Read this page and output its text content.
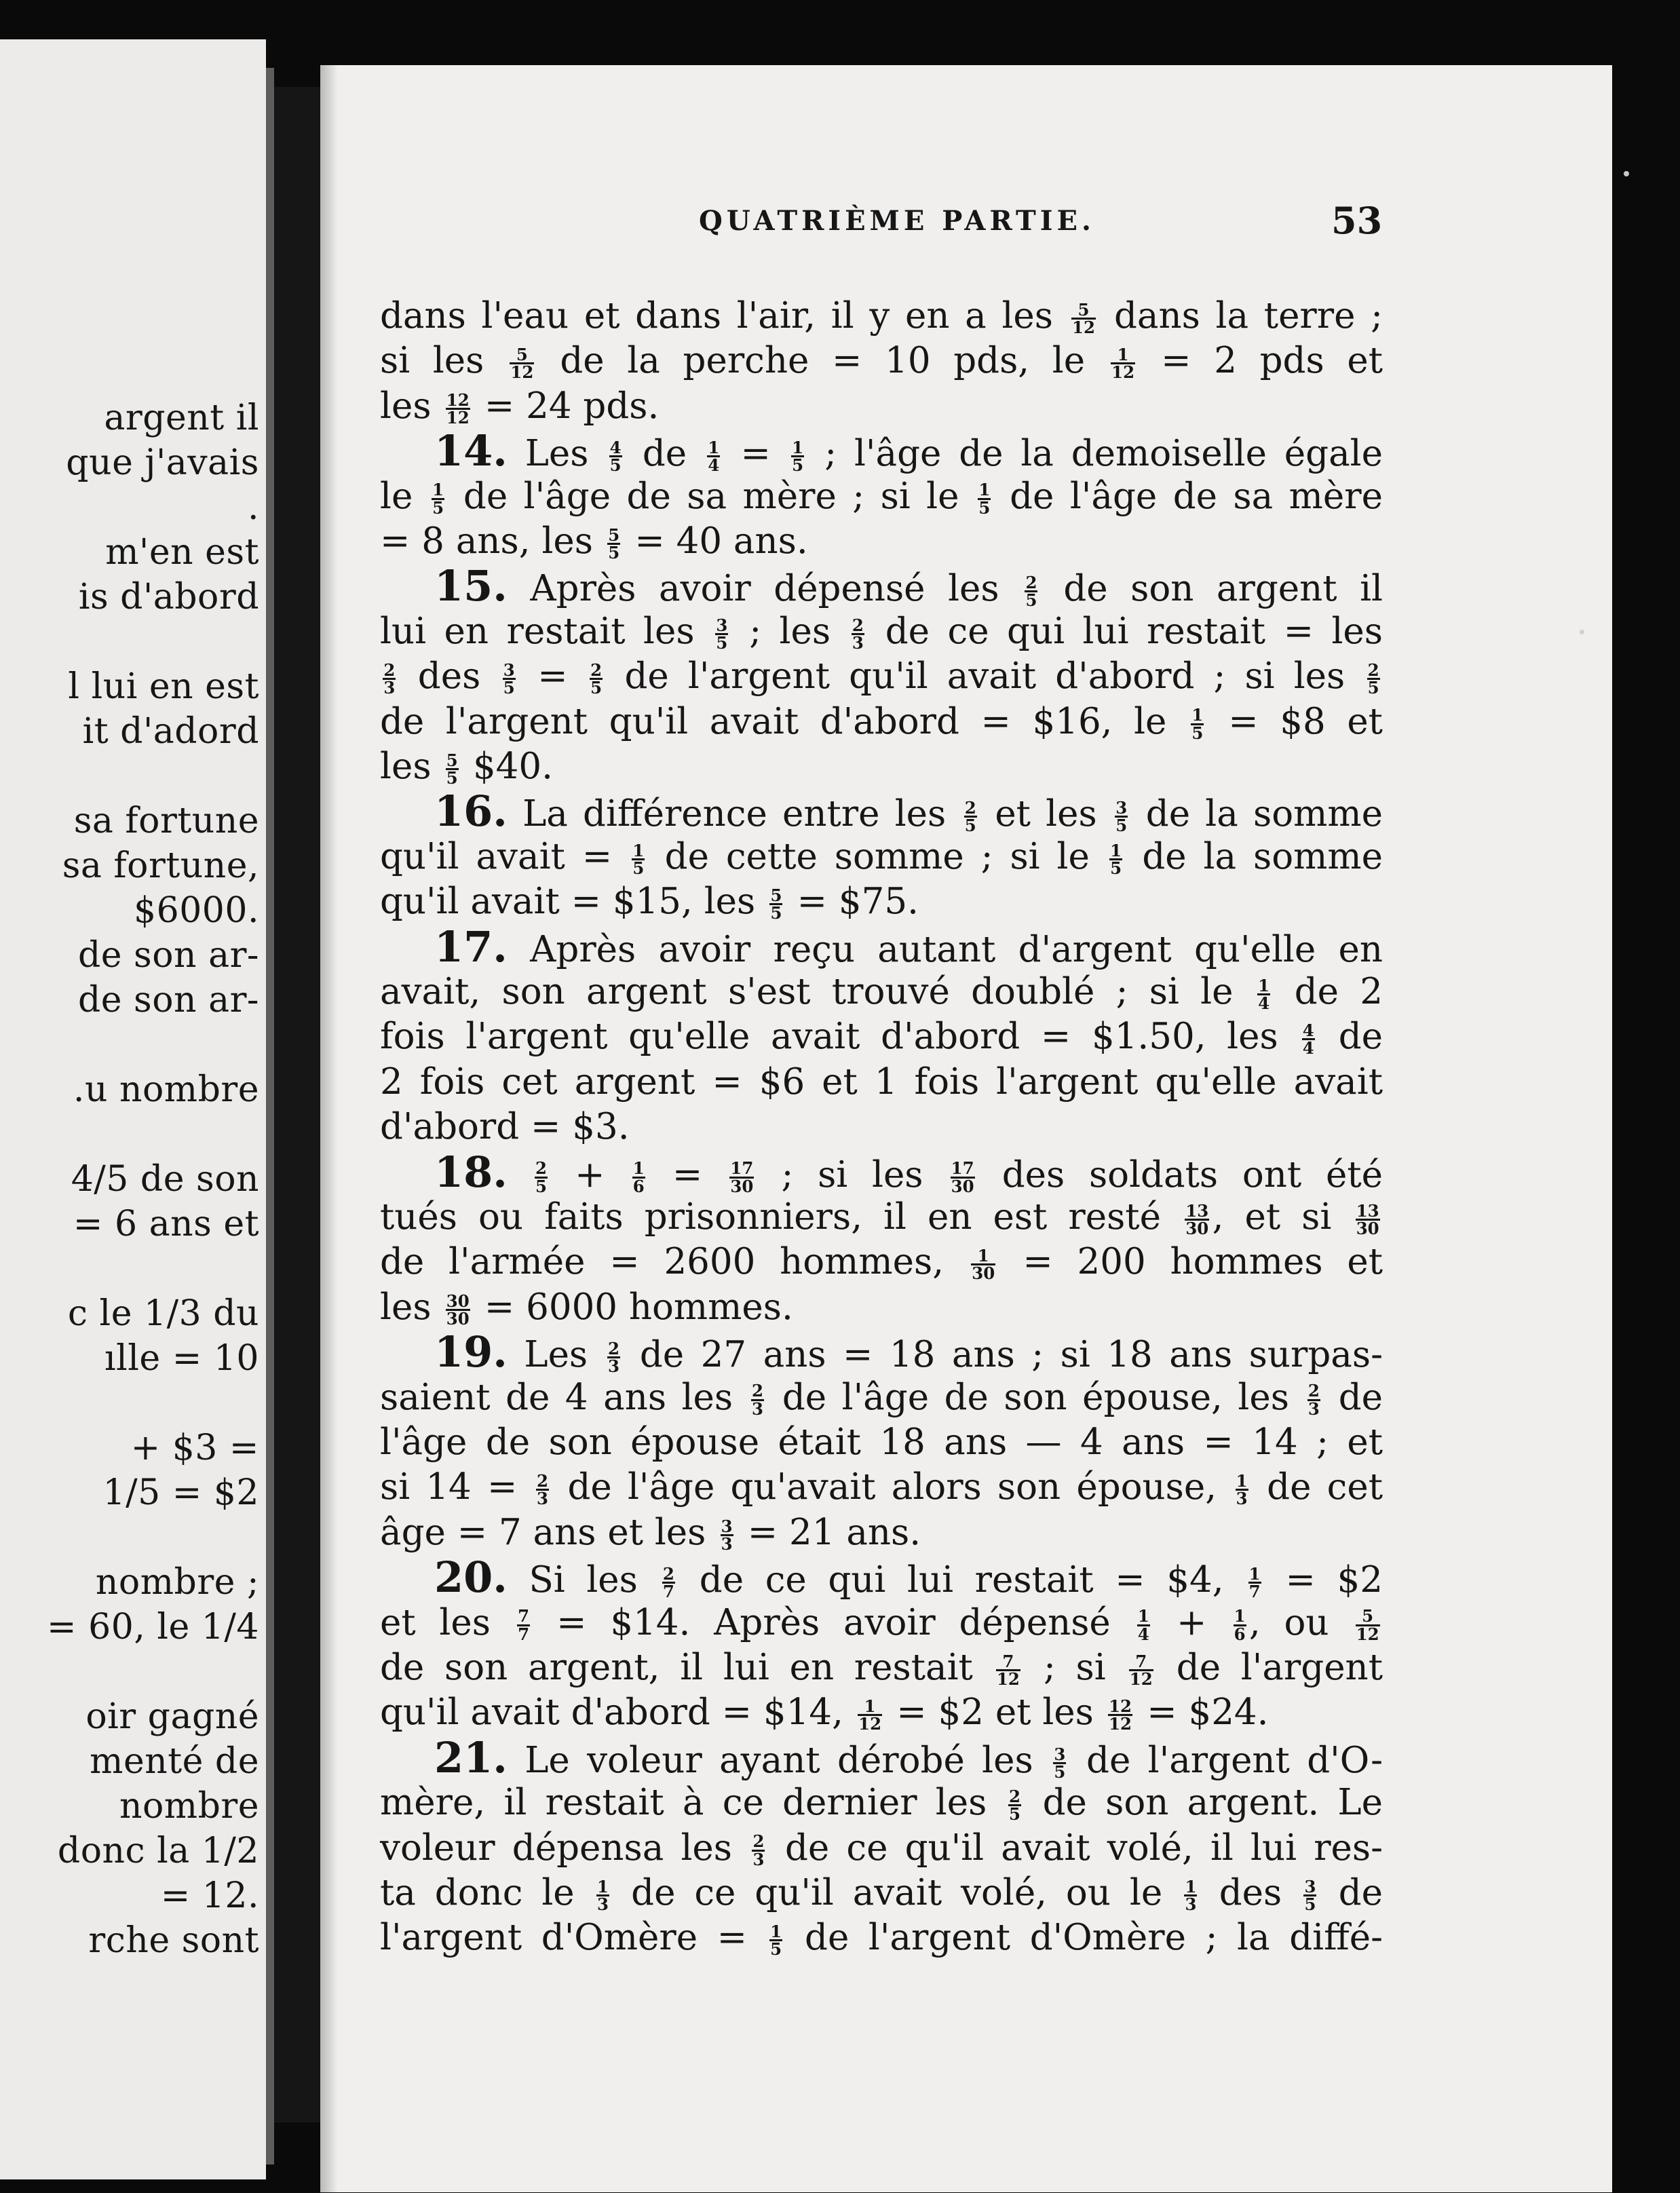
argent il
que j'avais
.
m'en est
is d'abord
l lui en est
it d'adord
sa fortune
sa fortune,
$6000.
de son ar-
de son ar-
.u nombre
4/5 de son
= 6 ans et
c le 1/3 du
ılle = 10
+ $3 =
1/5 = $2
nombre ;
= 60, le 1/4
oir gagné
menté de
nombre
donc la 1/2
= 12.
rche sont
QUATRIÈME PARTIE.	53
dans l'eau et dans l'air, il y en a les $\frac{5}{12}$ dans la terre ;
si les $\frac{5}{12}$ de la perche = 10 pds, le $\frac{1}{12} = 2$ pds et
les $\frac{12}{12} = 24$ pds.
14. Les $\frac{4}{5}$ de $\frac{1}{4} = \frac{1}{5}$ ; l'âge de la demoiselle égale
le $\frac{1}{5}$ de l'âge de sa mère ; si le $\frac{1}{5}$ de l'âge de sa mère
= 8 ans, les $\frac{5}{5} = 40$ ans.
15. Après avoir dépensé les $\frac{2}{5}$ de son argent il
lui en restait les $\frac{3}{5}$ ; les $\frac{2}{3}$ de ce qui lui restait = les
$\frac{2}{3}$ des $\frac{3}{5} = \frac{2}{5}$ de l'argent qu'il avait d'abord ; si les $\frac{2}{5}$
de l'argent qu'il avait d'abord = $16, le $\frac{1}{5}$ = $8 et
les $\frac{5}{5}$ $40.
16. La différence entre les $\frac{2}{5}$ et les $\frac{3}{5}$ de la somme
qu'il avait = $\frac{1}{5}$ de cette somme ; si le $\frac{1}{5}$ de la somme
qu'il avait = $15, les $\frac{5}{5}$ = $75.
17. Après avoir reçu autant d'argent qu'elle en
avait, son argent s'est trouvé doublé ; si le $\frac{1}{4}$ de 2
fois l'argent qu'elle avait d'abord = $1.50, les $\frac{4}{4}$ de
2 fois cet argent = $6 et 1 fois l'argent qu'elle avait
d'abord = $3.
18. $\frac{2}{5} + \frac{1}{6} = \frac{17}{30}$ ; si les $\frac{17}{30}$ des soldats ont été
tués ou faits prisonniers, il en est resté $\frac{13}{30}$ , et si $\frac{13}{30}$
de l'armée = 2600 hommes, $\frac{1}{30} = 200$ hommes et
les $\frac{30}{30} = 6000$ hommes.
19. Les $\frac{2}{3}$ de 27 ans = 18 ans ; si 18 ans surpas-
saient de 4 ans les $\frac{2}{3}$ de l'âge de son épouse, les $\frac{2}{3}$ de
l'âge de son épouse était 18 ans — 4 ans = 14 ; et
si $14 = \frac{2}{3}$ de l'âge qu'avait alors son épouse, $\frac{1}{3}$ de cet
âge = 7 ans et les $\frac{3}{3} = 21$ ans.
20. Si les $\frac{2}{7}$ de ce qui lui restait = $4, $\frac{1}{7}$ = $2
et les $\frac{7}{7}$ = $14. Après avoir dépensé $\frac{1}{4} + \frac{1}{6}$ , ou $\frac{5}{12}$
de son argent, il lui en restait $\frac{7}{12}$ ; si $\frac{7}{12}$ de l'argent
qu'il avait d'abord = $14, $\frac{1}{12}$ = $2 et les $\frac{12}{12}$ = $24.
21. Le voleur ayant dérobé les $\frac{3}{5}$ de l'argent d'O-
mère, il restait à ce dernier les $\frac{2}{5}$ de son argent. Le
voleur dépensa les $\frac{2}{3}$ de ce qu'il avait volé, il lui res-
ta donc le $\frac{1}{3}$ de ce qu'il avait volé, ou le $\frac{1}{3}$ des $\frac{3}{5}$ de
l'argent d'Omère = $\frac{1}{5}$ de l'argent d'Omère ; la diffé-
